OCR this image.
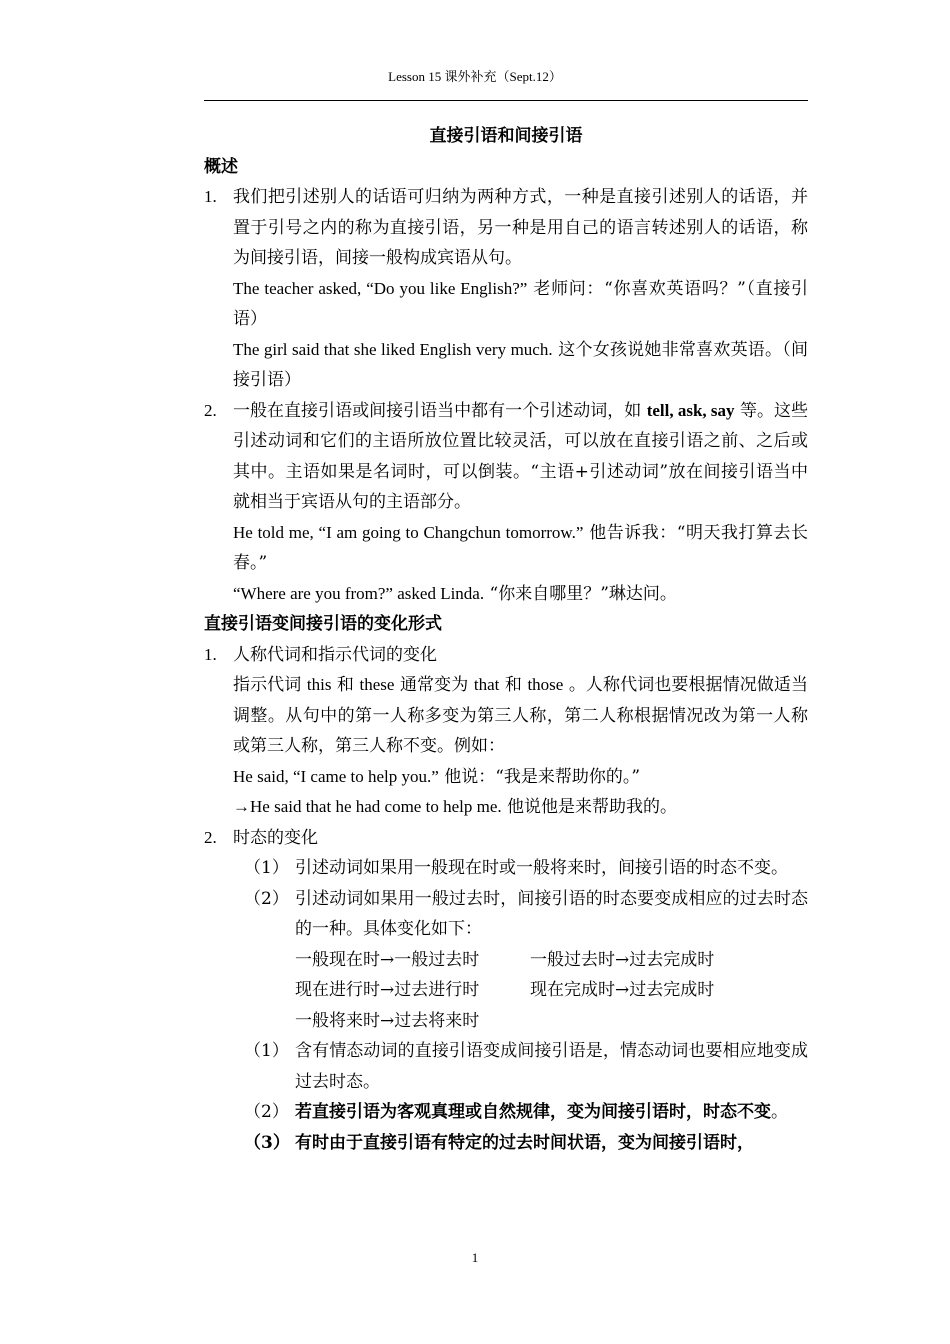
Lesson 15 课外补充（Sept.12）
直接引语和间接引语
概述
1. 我们把引述别人的话语可归纳为两种方式，一种是直接引述别人的话语，并置于引号之内的称为直接引语，另一种是用自己的语言转述别人的话语，称为间接引语，间接一般构成宾语从句。
The teacher asked, “Do you like English?” 老师问：“你喜欢英语吗？”（直接引语）
The girl said that she liked English very much. 这个女孩说她非常喜欢英语。（间接引语）
2. 一般在直接引语或间接引语当中都有一个引述动词，如 tell, ask, say 等。这些引述动词和它们的主语所放位置比较灵活，可以放在直接引语之前、之后或其中。主语如果是名词时，可以倒装。“主语+引述动词”放在间接引语当中就相当于宾语从句的主语部分。
He told me, “I am going to Changchun tomorrow.” 他告诉我：“明天我打算去长春。”
“Where are you from?” asked Linda. “你来自哪里？”琳达问。
直接引语变间接引语的变化形式
1. 人称代词和指示代词的变化
指示代词 this 和 these 通常变为 that 和 those 。人称代词也要根据情况做适当调整。从句中的第一人称多变为第三人称，第二人称根据情况改为第一人称或第三人称，第三人称不变。例如：
He said, “I came to help you.” 他说：“我是来帮助你的。”
→He said that he had come to help me. 他说他是来帮助我的。
2. 时态的变化
（1） 引述动词如果用一般现在时或一般将来时，间接引语的时态不变。
（2） 引述动词如果用一般过去时，间接引语的时态要变成相应的过去时态的一种。具体变化如下：
一般现在时→一般过去时	一般过去时→过去完成时
现在进行时→过去进行时	现在完成时→过去完成时
一般将来时→过去将来时
（1） 含有情态动词的直接引语变成间接引语是，情态动词也要相应地变成过去时态。
（2） 若直接引语为客观真理或自然规律，变为间接引语时，时态不变。
（3） 有时由于直接引语有特定的过去时间状语，变为间接引语时，
1
